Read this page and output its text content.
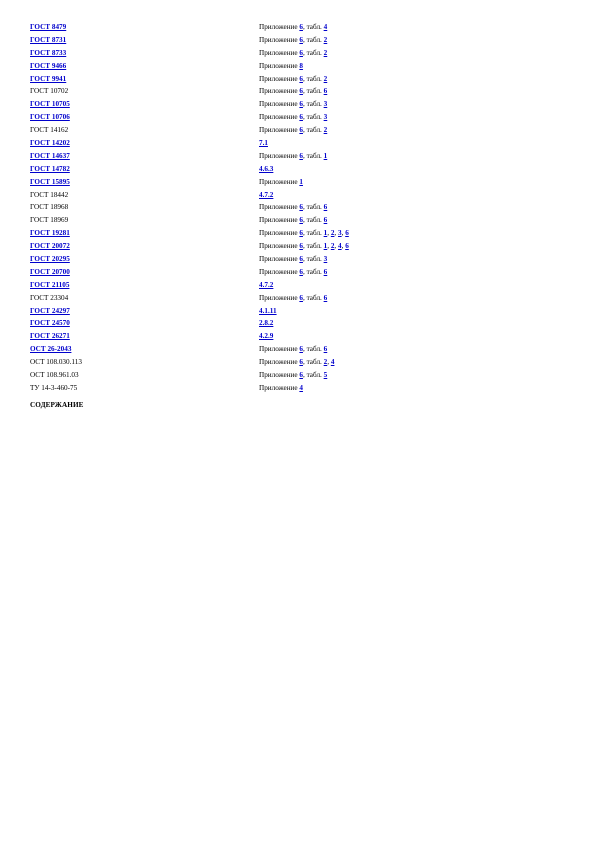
ГОСТ 8479	Приложение 6, табл. 4
ГОСТ 8731	Приложение 6, табл. 2
ГОСТ 8733	Приложение 6, табл. 2
ГОСТ 9466	Приложение 8
ГОСТ 9941	Приложение 6, табл. 2
ГОСТ 10702	Приложение 6, табл. 6
ГОСТ 10705	Приложение 6, табл. 3
ГОСТ 10706	Приложение 6, табл. 3
ГОСТ 14162	Приложение 6, табл. 2
ГОСТ 14202	7.1
ГОСТ 14637	Приложение 6, табл. 1
ГОСТ 14782	4.6.3
ГОСТ 15895	Приложение 1
ГОСТ 18442	4.7.2
ГОСТ 18968	Приложение 6, табл. 6
ГОСТ 18969	Приложение 6, табл. 6
ГОСТ 19281	Приложение 6, табл. 1, 2, 3, 6
ГОСТ 20072	Приложение 6, табл. 1, 2, 4, 6
ГОСТ 20295	Приложение 6, табл. 3
ГОСТ 20700	Приложение 6, табл. 6
ГОСТ 21105	4.7.2
ГОСТ 23304	Приложение 6, табл. 6
ГОСТ 24297	4.1.11
ГОСТ 24570	2.8.2
ГОСТ 26271	4.2.9
ОСТ 26-2043	Приложение 6, табл. 6
ОСТ 108.030.113	Приложение 6, табл. 2, 4
ОСТ 108.961.03	Приложение 6, табл. 5
ТУ 14-3-460-75	Приложение 4
СОДЕРЖАНИЕ
